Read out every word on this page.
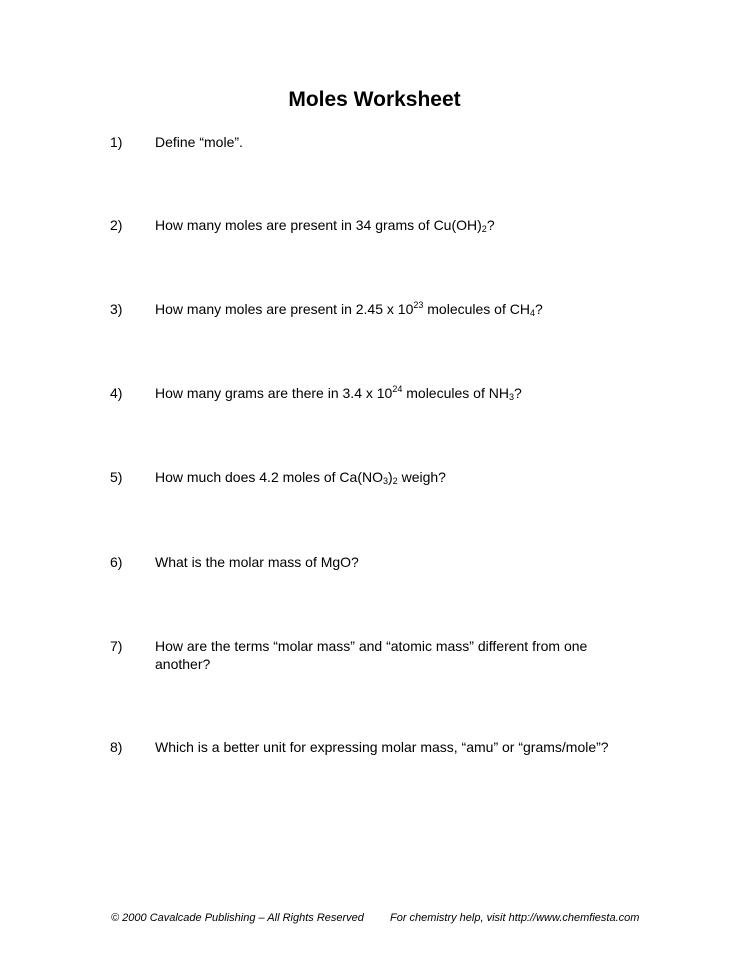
Moles Worksheet
1) Define “mole”.
2) How many moles are present in 34 grams of $Cu(OH)_2$?
3) How many moles are present in 2.45 x $10^{23}$ molecules of $CH_4$?
4) How many grams are there in 3.4 x $10^{24}$ molecules of $NH_3$?
5) How much does 4.2 moles of $Ca(NO_3)_2$ weigh?
6) What is the molar mass of MgO?
7) How are the terms “molar mass” and “atomic mass” different from one another?
8) Which is a better unit for expressing molar mass, “amu” or “grams/mole”?
© 2000 Cavalcade Publishing – All Rights Reserved For chemistry help, visit http://www.chemfiesta.com
